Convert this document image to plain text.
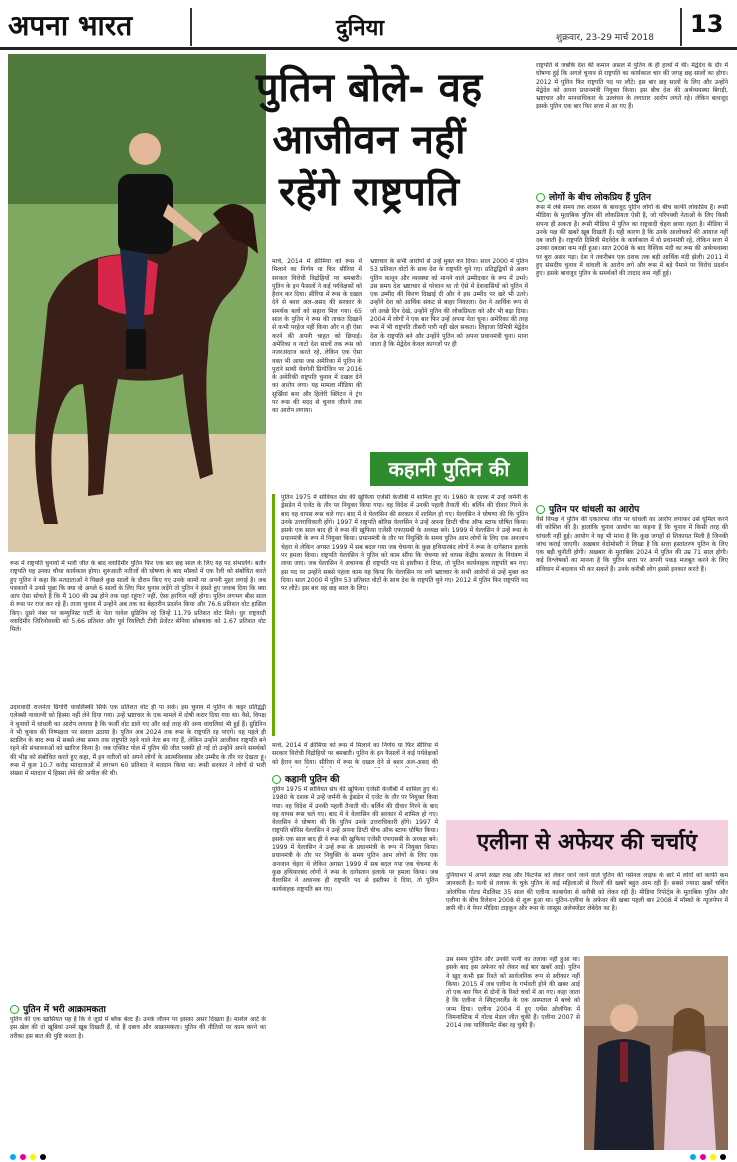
अपना भारत	दुनिया	शुक्रवार, 23-29 मार्च 2018 13
पुतिन बोले- वह
आजीवन नहीं
रहेंगे राष्ट्रपति
मार्च, 2014 में क्रीमिया को रूस में मिलाने का निर्णय या फिर सीरिया में सरकार विरोधी विद्रोहियों पर बमबारी। पुतिन के इन फैसलों ने कई पर्यवेक्षकों को हैरान कर दिया। सीरिया में रूस के दखल देने से बशर अल-असद की सरकार के समर्थक बलों को सहारा मिल गया। 65 साल के पुतिन ने रूस की ताकत दिखाने से कभी परहेज नहीं किया और न ही ऐसा करने की अपनी चाहत को छिपाई। अमेरिका व नाटो देश सालों तक रूस को नजरअंदाज करते रहे, लेकिन एक ऐसा वक्त भी आया जब अमेरिका में पुतिन के पुराने साथी येवगेनी प्रिगोजिन पर 2016 के अमेरिकी राष्ट्रपति चुनाव में दखल देने का आरोप लगा। यह मामला मीडिया की सुर्खियां बना और हिलेरी क्लिंटन ने ट्रंप पर रूस की मदद से चुनाव जीतने तक का आरोप लगाया।
भ्रष्टाचार के सभी आरोपों से उन्हें मुक्त कर दिया। साल 2000 में पुतिन 53 प्रतिशत वोटों के साथ देश के राष्ट्रपति चुने गए। प्रतिद्वंद्वियों से अलग पुतिन कानून और व्यवस्था को मानने वाले उम्मीदवार के रूप में उभरे। उस समय देश भ्रष्टाचार से परेशान था तो ऐसे में देशवासियों को पुतिन में एक उम्मीद की किरण दिखाई दी और वे इस उम्मीद पर खरे भी उतरे। उन्होंने देश को आर्थिक संकट से बाहर निकाला। देश ने आर्थिक रूप से जो अच्छे दिन देखे, उन्होंने पुतिन की लोकप्रियता को और भी बढ़ा दिया। 2004 में लोगों ने एक बार फिर उन्हें अपना नेता चुना। अमेरिका की तरह रूस में भी राष्ट्रपति तीसरी पारी नहीं खेल सकता। लिहाजा दिमित्री मेद्वेदेव देश के राष्ट्रपति बने और उन्होंने पुतिन को अपना प्रधानमंत्री चुना। माना जाता है कि मेद्वेदेव केवल कागजों पर ही
कहानी पुतिन की
पुतिन 1975 में सोवियत संघ की खुफिया एजेंसी केजीबी में शामिल हुए थे। 1980 के दशक में उन्हें जर्मनी के ड्रेसडेन में एजेंट के तौर पर नियुक्त किया गया। वह विदेश में उनकी पहली तैनाती थी। बर्लिन की दीवार गिरने के बाद वह वापस रूस चले गए। बाद में वे येल्तसिन की सरकार में शामिल हो गए। येल्तसिन ने घोषणा की कि पुतिन उनके उत्तराधिकारी होंगे। 1997 में राष्ट्रपति बोरिस येल्तसिन ने उन्हें अपना डिप्टी चीफ ऑफ स्टाफ घोषित किया। इसके एक साल बाद ही वे रूस की खुफिया एजेंसी एफएसबी के अध्यक्ष बने। 1999 में येल्तसिन ने उन्हें रूस के प्रधानमंत्री के रूप में नियुक्त किया। प्रधानमंत्री के तौर पर नियुक्ति के समय पुतिन आम लोगों के लिए एक अनजान चेहरा थे लेकिन अगस्त 1999 में सब बदल गया जब चेचन्या के कुछ हथियारबंद लोगों ने रूस के दागेस्तान इलाके पर हमला किया। राष्ट्रपति येल्तसिन ने पुतिन को काम सौंपा कि चेचन्या को वापस केंद्रीय सरकार के नियंत्रण में लाया जाए। जब येल्तसिन ने अचानक ही राष्ट्रपति पद से इस्तीफा दे दिया, तो पुतिन कार्यवाहक राष्ट्रपति बन गए। इस पद पर उन्होंने सबसे पहला काम यह किया कि येल्तसिन पर लगे भ्रष्टाचार के सभी आरोपों से उन्हें मुक्त कर दिया। साल 2000 में पुतिन 53 प्रतिशत वोटों के साथ देश के राष्ट्रपति चुने गए। 2012 में पुतिन फिर राष्ट्रपति पद पर लौटे। इस बार वह छह साल के लिए।
रूस में राष्ट्रपति चुनावों में भारी जीत के बाद व्लादिमीर पुतिन फिर एक बार छह साल के लिए यह पद संभालेंगे। बतौर राष्ट्रपति यह उनका चौथा कार्यकाल होगा। शुरुआती नतीजों की घोषणा के बाद मॉस्को में एक रैली को संबोधित करते हुए पुतिन ने कहा कि मतदाताओं ने पिछले कुछ सालों के दौरान किए गए उनके कामों पर अपनी मुहर लगाई है। जब पत्रकारों ने उनसे पूछा कि क्या वो अगले 6 सालों के लिए फिर चुनाव लड़ेंगे तो पुतिन ने हंसते हुए जवाब दिया कि क्या आप ऐसा सोचते हैं कि मैं 100 की उम्र होने तक यहां रहूंगा? नहीं, ऐसा हरगिज नहीं होगा। पुतिन लगभग बीस साल से रूस पर राज कर रहे हैं। ताजा चुनाव में उन्होंने अब तक का बेहतरीन प्रदर्शन किया और 76.6 प्रतिशत वोट हासिल किए। दूसरे नंबर पर कम्युनिस्ट पार्टी के नेता पावेल ग्रुडिनिन रहे जिन्हें 11.79 प्रतिशत वोट मिले। धुर राष्ट्रवादी व्लादिमीर जिरिनोवस्की को 5.66 प्रतिशत और पूर्व रियलिटी टीवी प्रेजेंटर सेनिया सोबचाक को 1.67 प्रतिशत वोट मिले।
उदारवादी राजनेता ग्रिगोरी यावलिंस्की सिर्फ एक प्रतिशत वोट ही पा सके। इस चुनाव में पुतिन के कट्टर प्रतिद्वंद्वी एलेक्सी नावाल्नी को हिस्सा नहीं लेने दिया गया। उन्हें भ्रष्टाचार के एक मामले में दोषी करार दिया गया था। वैसे, विपक्ष ने चुनावों में धांधली का आरोप लगाया है कि फर्जी वोट डाले गए और कई तरह की अन्य धांधलियां भी हुई हैं। ग्रुडिनिन ने भी चुनाव की निष्पक्षता पर सवाल उठाया है। पुतिन अब 2024 तक रूस के राष्ट्रपति रह पाएंगे। वह पहले ही स्टालिन के बाद रूस में सबसे लंबा समय तक राष्ट्रपति रहने वाले नेता बन गए हैं, लेकिन उन्होंने आजीवन राष्ट्रपति बने रहने की संभावनाओं को खारिज किया है। जब एक्जिट पोल में पुतिन की जीत पक्की हो गई तो उन्होंने अपने समर्थकों की भीड़ को संबोधित करते हुए कहा, मैं इन नतीजों को अपने लोगों के आत्मविश्वास और उम्मीद के तौर पर देखता हूं। रूस में कुल 10.7 करोड़ मतदाताओं में लगभग 60 प्रतिशत ने मतदान किया था। रूसी सरकार ने लोगों से भारी संख्या में मतदान में हिस्सा लेने की अपील की थी।
पुतिन में भरी आक्रामकता
पुतिन की एक खासियत यह है कि वे जूडो में ब्लैक बेल्ट हैं। उनके जीवन पर इसका असर दिखता है। मार्शल आर्ट के इस खेल की दो खूबियां उनमें खूब दिखती हैं, यो हैं दबाव और आक्रामकता। पुतिन की नीतियों पर काम करने का तरीका इस बात की पुष्टि करता है।
मार्च, 2014 में क्रीमिया को रूस में मिलाने का निर्णय या फिर सीरिया में सरकार विरोधी विद्रोहियों पर बमबारी। पुतिन के इन फैसलों ने कई पर्यवेक्षकों को हैरान कर दिया। सीरिया में रूस के दखल देने से बशर अल-असद की
कहानी पुतिन की
पुतिन 1975 में सोवियत संघ की खुफिया एजेंसी केजीबी में शामिल हुए थे। 1980 के दशक में उन्हें जर्मनी के ड्रेसडेन में एजेंट के तौर पर नियुक्त किया गया। वह विदेश में उनकी पहली तैनाती थी। बर्लिन की दीवार गिरने के बाद वह वापस रूस चले गए। बाद में वे येल्तसिन की सरकार में शामिल हो गए। येल्तसिन ने घोषणा की कि पुतिन उनके उत्तराधिकारी होंगे। 1997 में राष्ट्रपति बोरिस येल्तसिन ने उन्हें अपना डिप्टी चीफ ऑफ स्टाफ घोषित किया। इसके एक साल बाद ही वे रूस की खुफिया एजेंसी एफएसबी के अध्यक्ष बने। 1999 में येल्तसिन ने उन्हें रूस के प्रधानमंत्री के रूप में नियुक्त किया। प्रधानमंत्री के तौर पर नियुक्ति के समय पुतिन आम लोगों के लिए एक अनजान चेहरा थे लेकिन अगस्त 1999 में सब बदल गया जब चेचन्या के कुछ हथियारबंद लोगों ने रूस के दागेस्तान इलाके पर हमला किया। जब येल्तसिन ने अचानक ही राष्ट्रपति पद से इस्तीफा दे दिया, तो पुतिन कार्यवाहक राष्ट्रपति बन गए।
राष्ट्रपति थे जबकि देश की कमान असल में पुतिन के ही हाथों में थी। मेद्वेदेव के दौर में घोषणा हुई कि अगले चुनाव से राष्ट्रपति का कार्यकाल चार की जगह छह सालों का होगा। 2012 में पुतिन फिर राष्ट्रपति पद पर लौटे। इस बार छह सालों के लिए और उन्होंने मेद्वेदेव को अपना प्रधानमंत्री नियुक्त किया। इस बीच देश की अर्थव्यवस्था बिगड़ी, भ्रष्टाचार और मानवाधिकार के उल्लंघन के लगातार आरोप लगते रहे। लेकिन बावजूद इसके पुतिन एक बार फिर सत्ता में आ गए हैं।
लोगों के बीच लोकप्रिय हैं पुतिन
रूस में लंबे समय तक शासन के बावजूद पुतिन लोगों के बीच काफी लोकप्रिय हैं। रूसी मीडिया के मुताबिक पुतिन की लोकप्रियता ऐसी है, जो परिपक्वी नेताओं के लिए किसी सपना ही सकता है। रूसी मीडिया में पुतिन का राष्ट्रवादी चेहरा छाया रहता है। मीडिया में उनके पक्ष की खबरें खूब दिखती हैं। यही कारण है कि उनके आलोचकों की आवाज नहीं दब जाती है। राष्ट्रपति दिमित्री मेदवेदेव के कार्यकाल में वो प्रधानमंत्री रहे, लेकिन सत्ता में उनका दबदबा कम नहीं हुआ। सात 2008 के बाद वैश्विक मंदी का रूस की अर्थव्यवस्था पर बुरा असर पड़ा। देश ने तकरीबन एक दशक तक बड़ी आर्थिक मंदी झेली। 2011 में हुए संसदीय चुनाव में धांधली के आरोप लगे और रूस में बड़े पैमाने पर विरोध प्रदर्शन हुए। इसके बावजूद पुतिन के समर्थकों की तादाद कम नहीं हुई।
पुतिन पर धांधली का आरोप
वैसे विपक्ष ने पुतिन की एकतरफा जीत पर धांधली का आरोप लगाकर उसे धूमिल करने की कोशिश की है। हालांकि चुनाव आयोग का कहना है कि चुनाव में किसी तरह की धांधली नहीं हुई। आयोग ने यह भी माना है कि कुछ जगहों से शिकायत मिली है जिनकी जांच कराई जाएगी। अखबार वेदोमोस्ती ने लिखा है कि सत्ता हस्तांतरण पुतिन के लिए एक बड़ी चुनौती होगी। अखबार के मुताबिक 2024 में पुतिन की उम्र 71 साल होगी। कई विश्लेषकों का मानना है कि पुतिन सत्ता पर अपनी पकड़ मजबूत करने के लिए संविधान में बदलाव भी कर सकते हैं। उनके करीबी लोग इससे इनकार करते हैं।
एलीना से अफेयर की चर्चाएं
दुनियाभर में अपने सख्त रुख और फिटनेस को लेकर जाने जाने वाले पुतिन की पर्सनल लाइफ के बारे में लोगों को काफी कम जानकारी है। पत्नी से तलाक के चुके पुतिन के कई महिलाओं से रिश्तों की खबरें बहुत आम रही हैं। सबसे ज्यादा खबरें चर्चित ओलंपिक गोल्ड मैडलिस्ट 35 साल की एलीना काबायेवा से करीबी को लेकर रही हैं। मीडिया रिपोर्ट्स के मुताबिक पुतिन और एलीना के बीच रिलेशन 2008 से शुरू हुआ था। पुतिन-एलीना के अफेयर की खबर पहली बार 2008 में मॉस्को के न्यूजपेपर में छपी थी। ये पेपर मीडिया टाइकून और रूस के जासूस अलेक्जेंडर लेबेदेव का है।
उस समय पुतिन और उनकी पत्नी का तलाक नहीं हुआ था। इसके बाद इस अफेयर को लेकर कई बार खबरें आईं। पुतिन ने खुद कभी इस रिश्ते को सार्वजनिक रूप से स्वीकार नहीं किया। 2015 में जब एलीना के गर्भवती होने की खबर आई तो एक बार फिर से दोनों के रिश्ते चर्चा में आ गए। कहा जाता है कि एलीना ने स्विट्जरलैंड के एक अस्पताल में बच्चे को जन्म दिया। एलीना 2004 में हुए एथेंस ओलंपिक में जिमनास्टिक में गोल्ड मेडल जीत चुकी हैं। एलीना 2007 से 2014 तक पार्लियामेंट मेंबर रह चुकी हैं।
